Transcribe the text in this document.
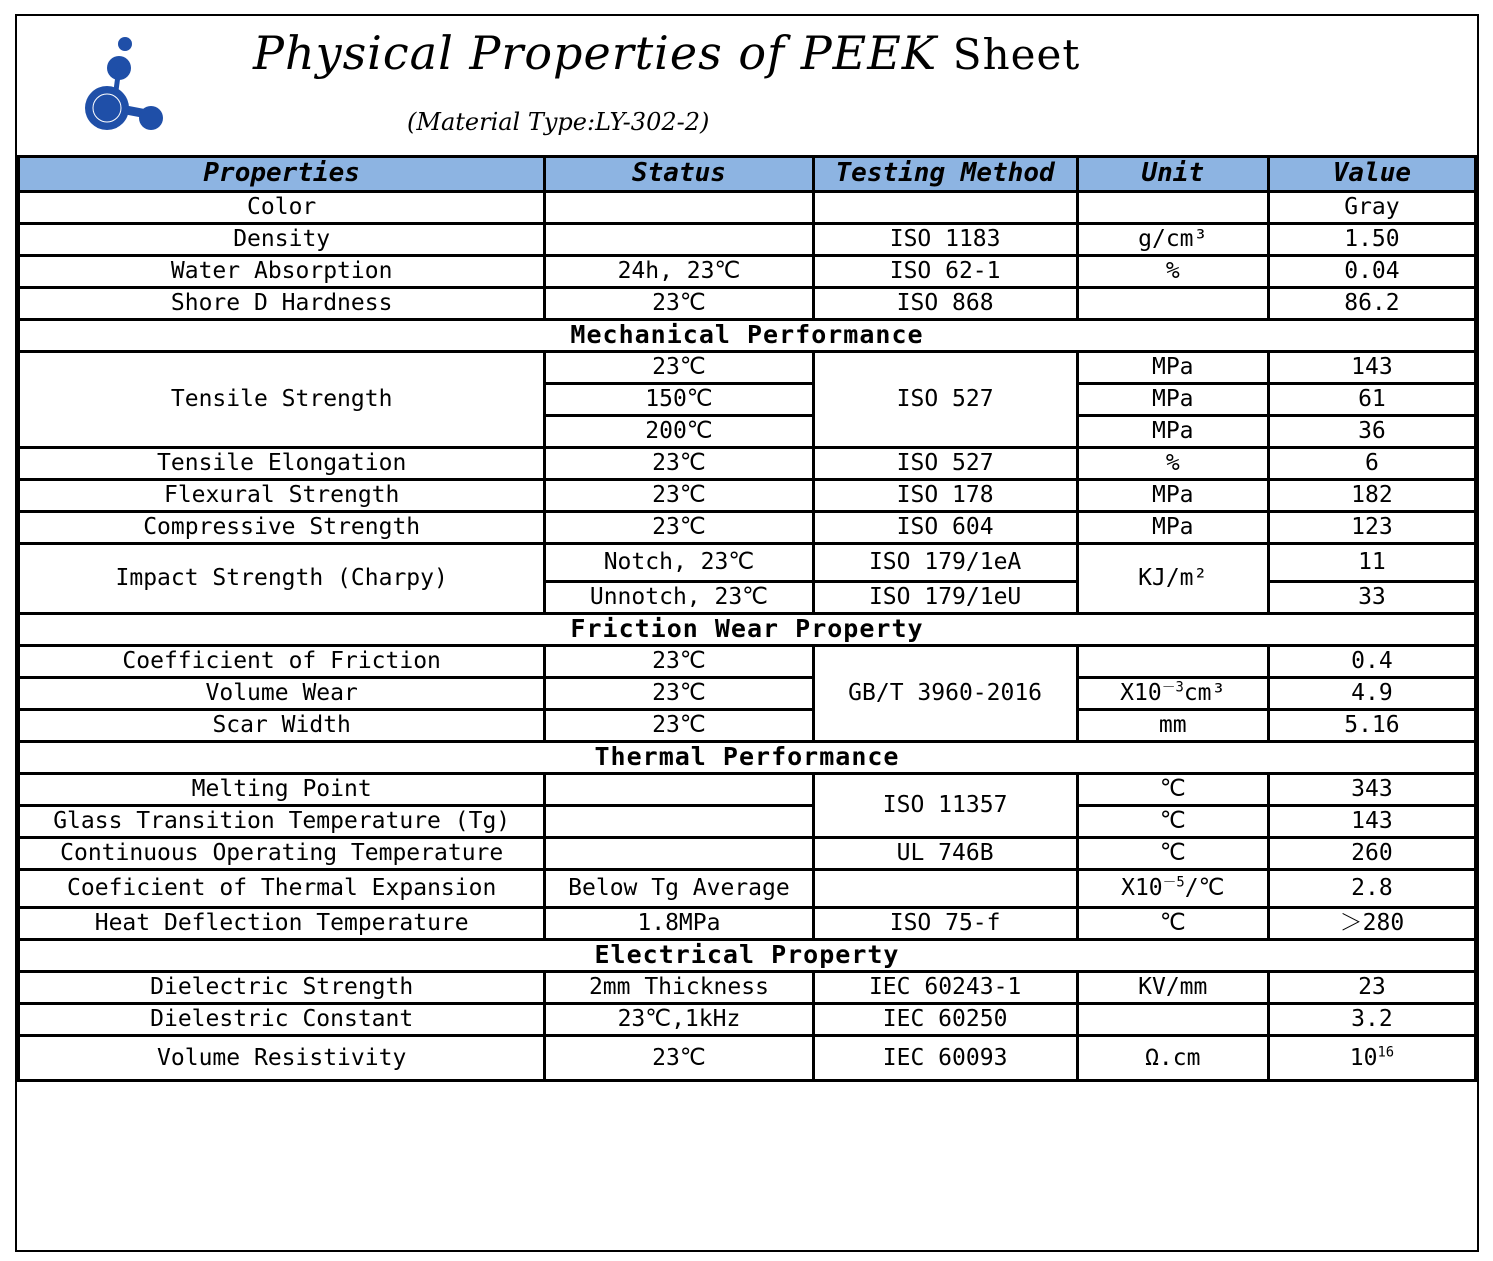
Physical Properties of PEEK Sheet
(Material Type:LY-302-2)
Properties	Status	Testing Method	Unit	Value
Color				Gray
Density		ISO 1183	g/cm³	1.50
Water Absorption	24h, 23℃	ISO 62-1	%	0.04
Shore D Hardness	23℃	ISO 868		86.2
Mechanical Performance				
Tensile Strength	23℃	ISO 527	MPa	143
	150℃		MPa	61
	200℃		MPa	36
Tensile Elongation	23℃	ISO 527	%	6
Flexural Strength	23℃	ISO 178	MPa	182
Compressive Strength	23℃	ISO 604	MPa	123
Impact Strength (Charpy)	Notch, 23℃	ISO 179/1eA	KJ/m²	11
	Unnotch, 23℃	ISO 179/1eU		33
Friction Wear Property				
Coefficient of Friction	23℃	GB/T 3960-2016		0.4
Volume Wear	23℃		$X10^{-3}cm^3$	4.9
Scar Width	23℃		mm	5.16
Thermal Performance				
Melting Point		ISO 11357	℃	343
Glass Transition Temperature (Tg)			℃	143
Continuous Operating Temperature		UL 746B	℃	260
Coeficient of Thermal Expansion	Below Tg Average		$X10^{-5}/℃$	2.8
Heat Deflection Temperature	1.8MPa	ISO 75-f	℃	＞280
Electrical Property				
Dielectric Strength	2mm Thickness	IEC 60243-1	KV/mm	23
Dielestric Constant	23℃,1kHz	IEC 60250		3.2
Volume Resistivity	23℃	IEC 60093	Ω.cm	$10^{16}$
